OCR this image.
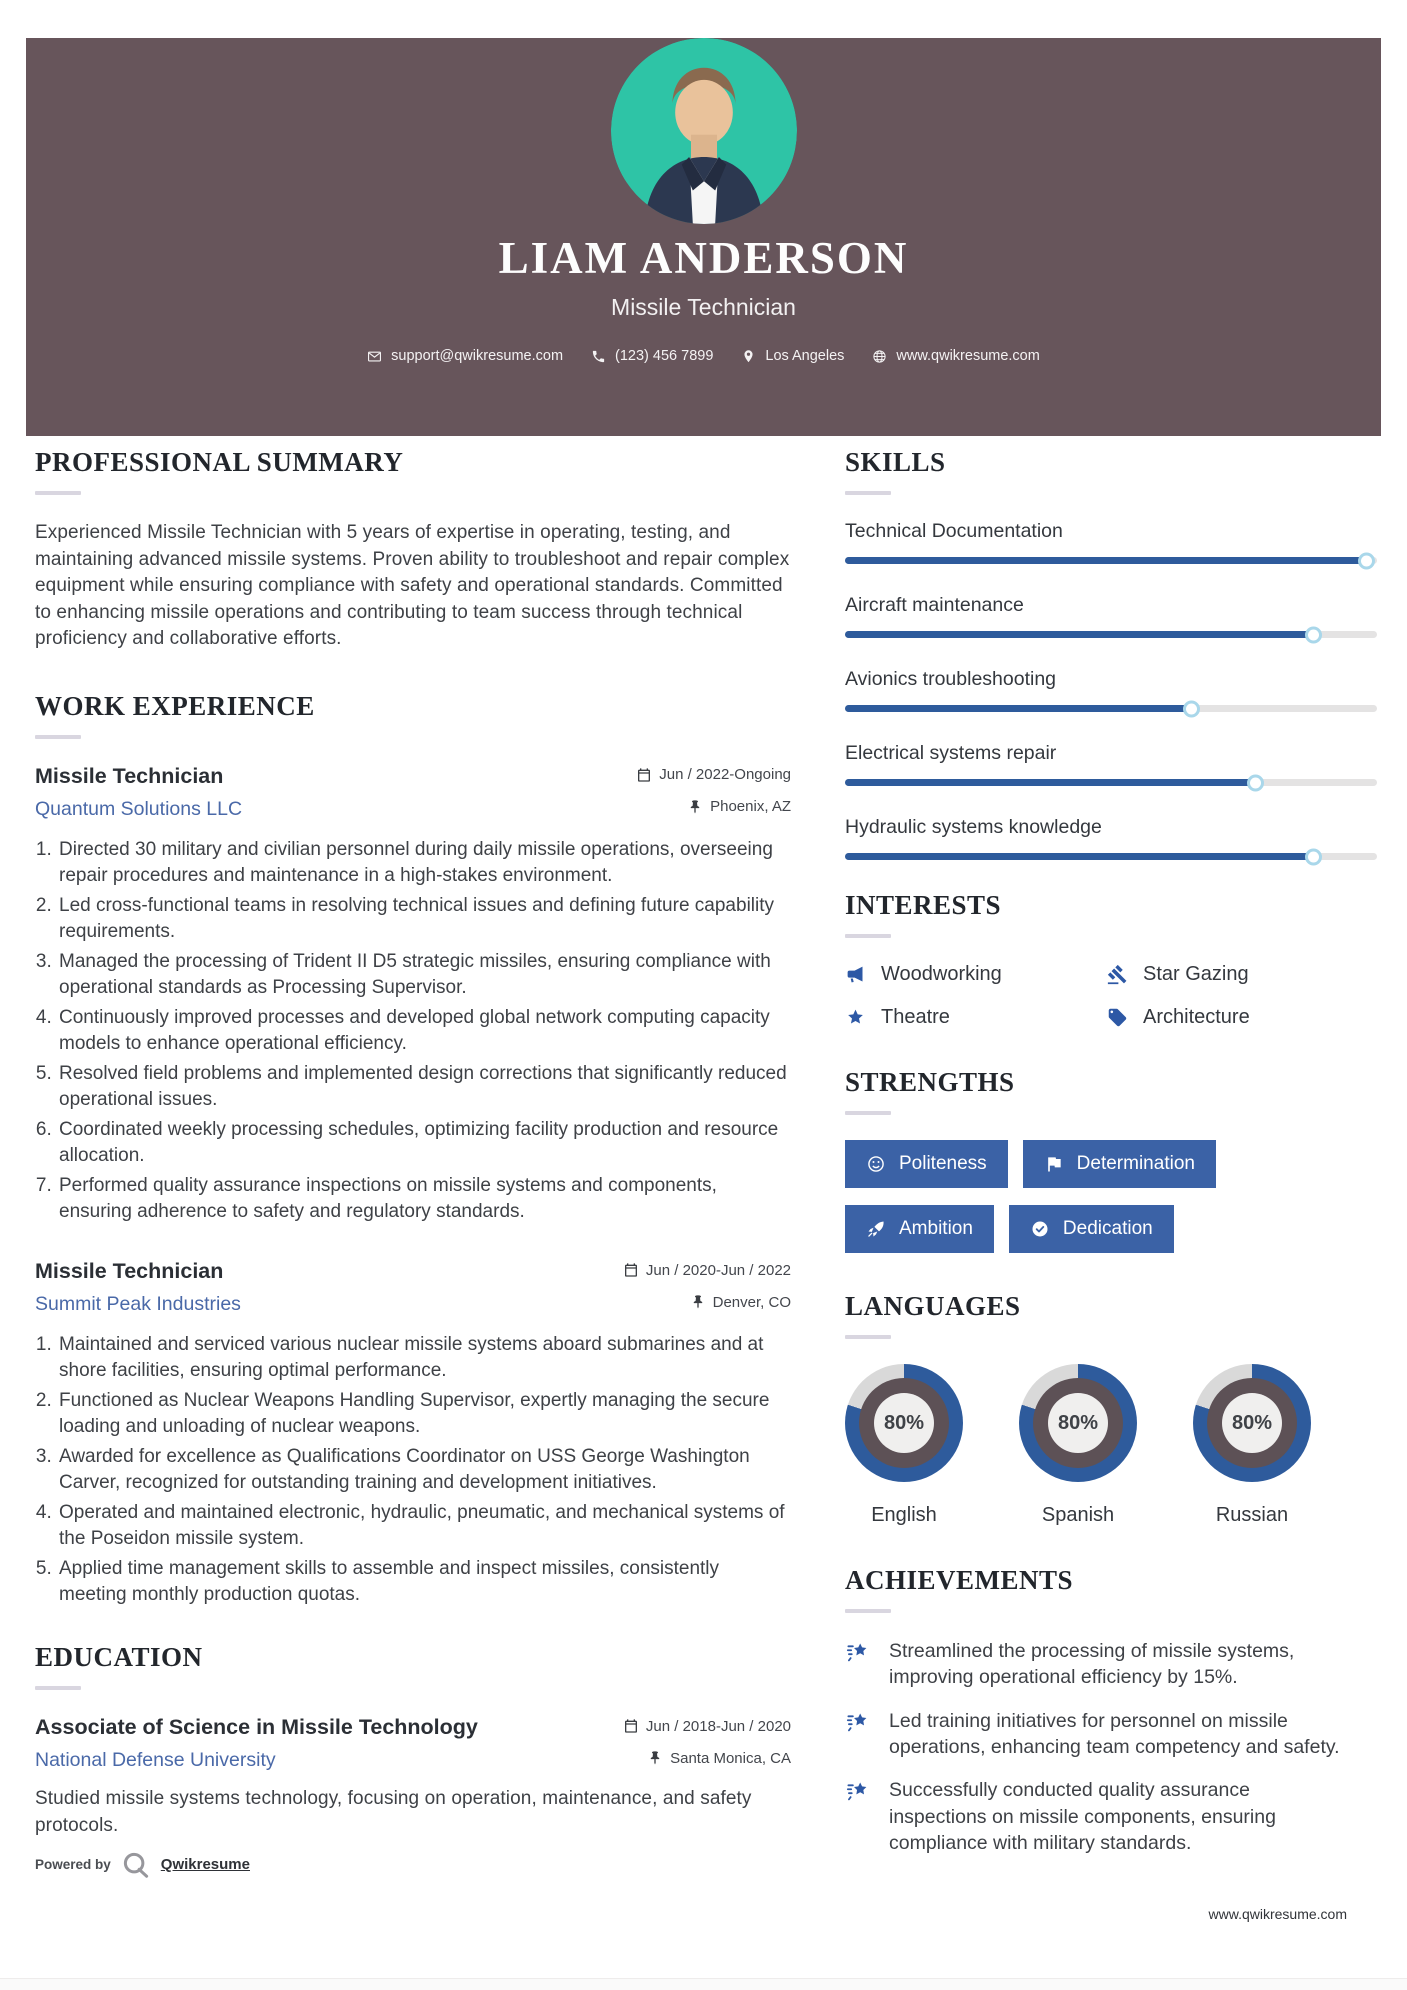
LIAM ANDERSON
Missile Technician
support@qwikresume.com	(123) 456 7899	Los Angeles	www.qwikresume.com
PROFESSIONAL SUMMARY

Experienced Missile Technician with 5 years of expertise in operating, testing, and maintaining advanced missile systems. Proven ability to troubleshoot and repair complex equipment while ensuring compliance with safety and operational standards. Committed to enhancing missile operations and contributing to team success through technical proficiency and collaborative efforts.

WORK EXPERIENCE
Missile Technician	Jun / 2022-Ongoing
Quantum Solutions LLC	Phoenix, AZ
1. Directed 30 military and civilian personnel during daily missile operations, overseeing repair procedures and maintenance in a high-stakes environment.
2. Led cross-functional teams in resolving technical issues and defining future capability requirements.
3. Managed the processing of Trident II D5 strategic missiles, ensuring compliance with operational standards as Processing Supervisor.
4. Continuously improved processes and developed global network computing capacity models to enhance operational efficiency.
5. Resolved field problems and implemented design corrections that significantly reduced operational issues.
6. Coordinated weekly processing schedules, optimizing facility production and resource allocation.
7. Performed quality assurance inspections on missile systems and components, ensuring adherence to safety and regulatory standards.
Missile Technician	Jun / 2020-Jun / 2022
Summit Peak Industries	Denver, CO
1. Maintained and serviced various nuclear missile systems aboard submarines and at shore facilities, ensuring optimal performance.
2. Functioned as Nuclear Weapons Handling Supervisor, expertly managing the secure loading and unloading of nuclear weapons.
3. Awarded for excellence as Qualifications Coordinator on USS George Washington Carver, recognized for outstanding training and development initiatives.
4. Operated and maintained electronic, hydraulic, pneumatic, and mechanical systems of the Poseidon missile system.
5. Applied time management skills to assemble and inspect missiles, consistently meeting monthly production quotas.
EDUCATION
Associate of Science in Missile Technology	Jun / 2018-Jun / 2020
National Defense University	Santa Monica, CA

Studied missile systems technology, focusing on operation, maintenance, and safety protocols.

Powered by	Qwikresume
SKILLS
Technical Documentation
Aircraft maintenance
Avionics troubleshooting
Electrical systems repair
Hydraulic systems knowledge
INTERESTS
Woodworking	Star Gazing
Theatre	Architecture
STRENGTHS
Politeness	Determination
Ambition	Dedication
LANGUAGES
80%
English
80%
Spanish
80%
Russian
ACHIEVEMENTS

Streamlined the processing of missile systems, improving operational efficiency by 15%.

Led training initiatives for personnel on missile operations, enhancing team competency and safety.

Successfully conducted quality assurance inspections on missile components, ensuring compliance with military standards.

www.qwikresume.com
